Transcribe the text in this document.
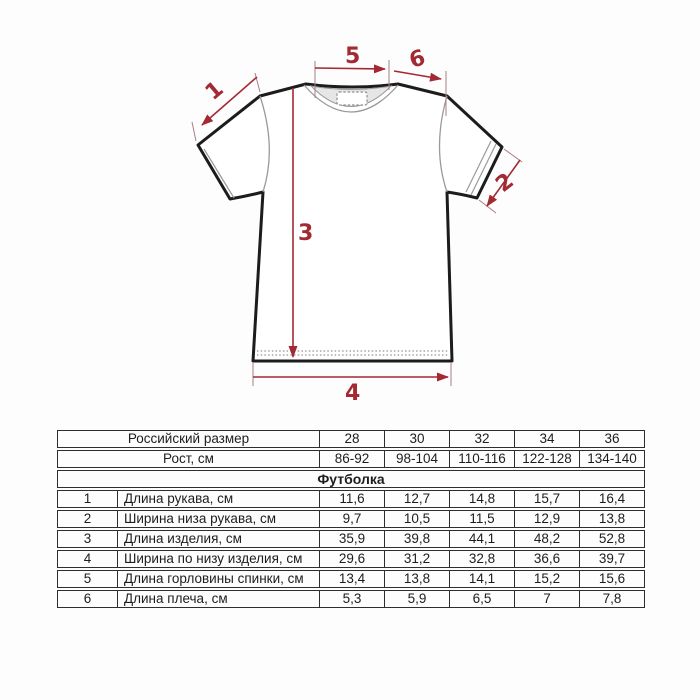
1
2
3
4
5 6
Российский размер	28	30	32	34	36
Рост, см	86-92	98-104	110-116	122-128	134-140
Футболка
1	Длина рукава, см	11,6	12,7	14,8	15,7	16,4
2	Ширина низа рукава, см	9,7	10,5	11,5	12,9	13,8
3	Длина изделия, см	35,9	39,8	44,1	48,2	52,8
4	Ширина по низу изделия, см	29,6	31,2	32,8	36,6	39,7
5	Длина горловины спинки, см	13,4	13,8	14,1	15,2	15,6
6	Длина плеча, см	5,3	5,9	6,5	7	7,8
